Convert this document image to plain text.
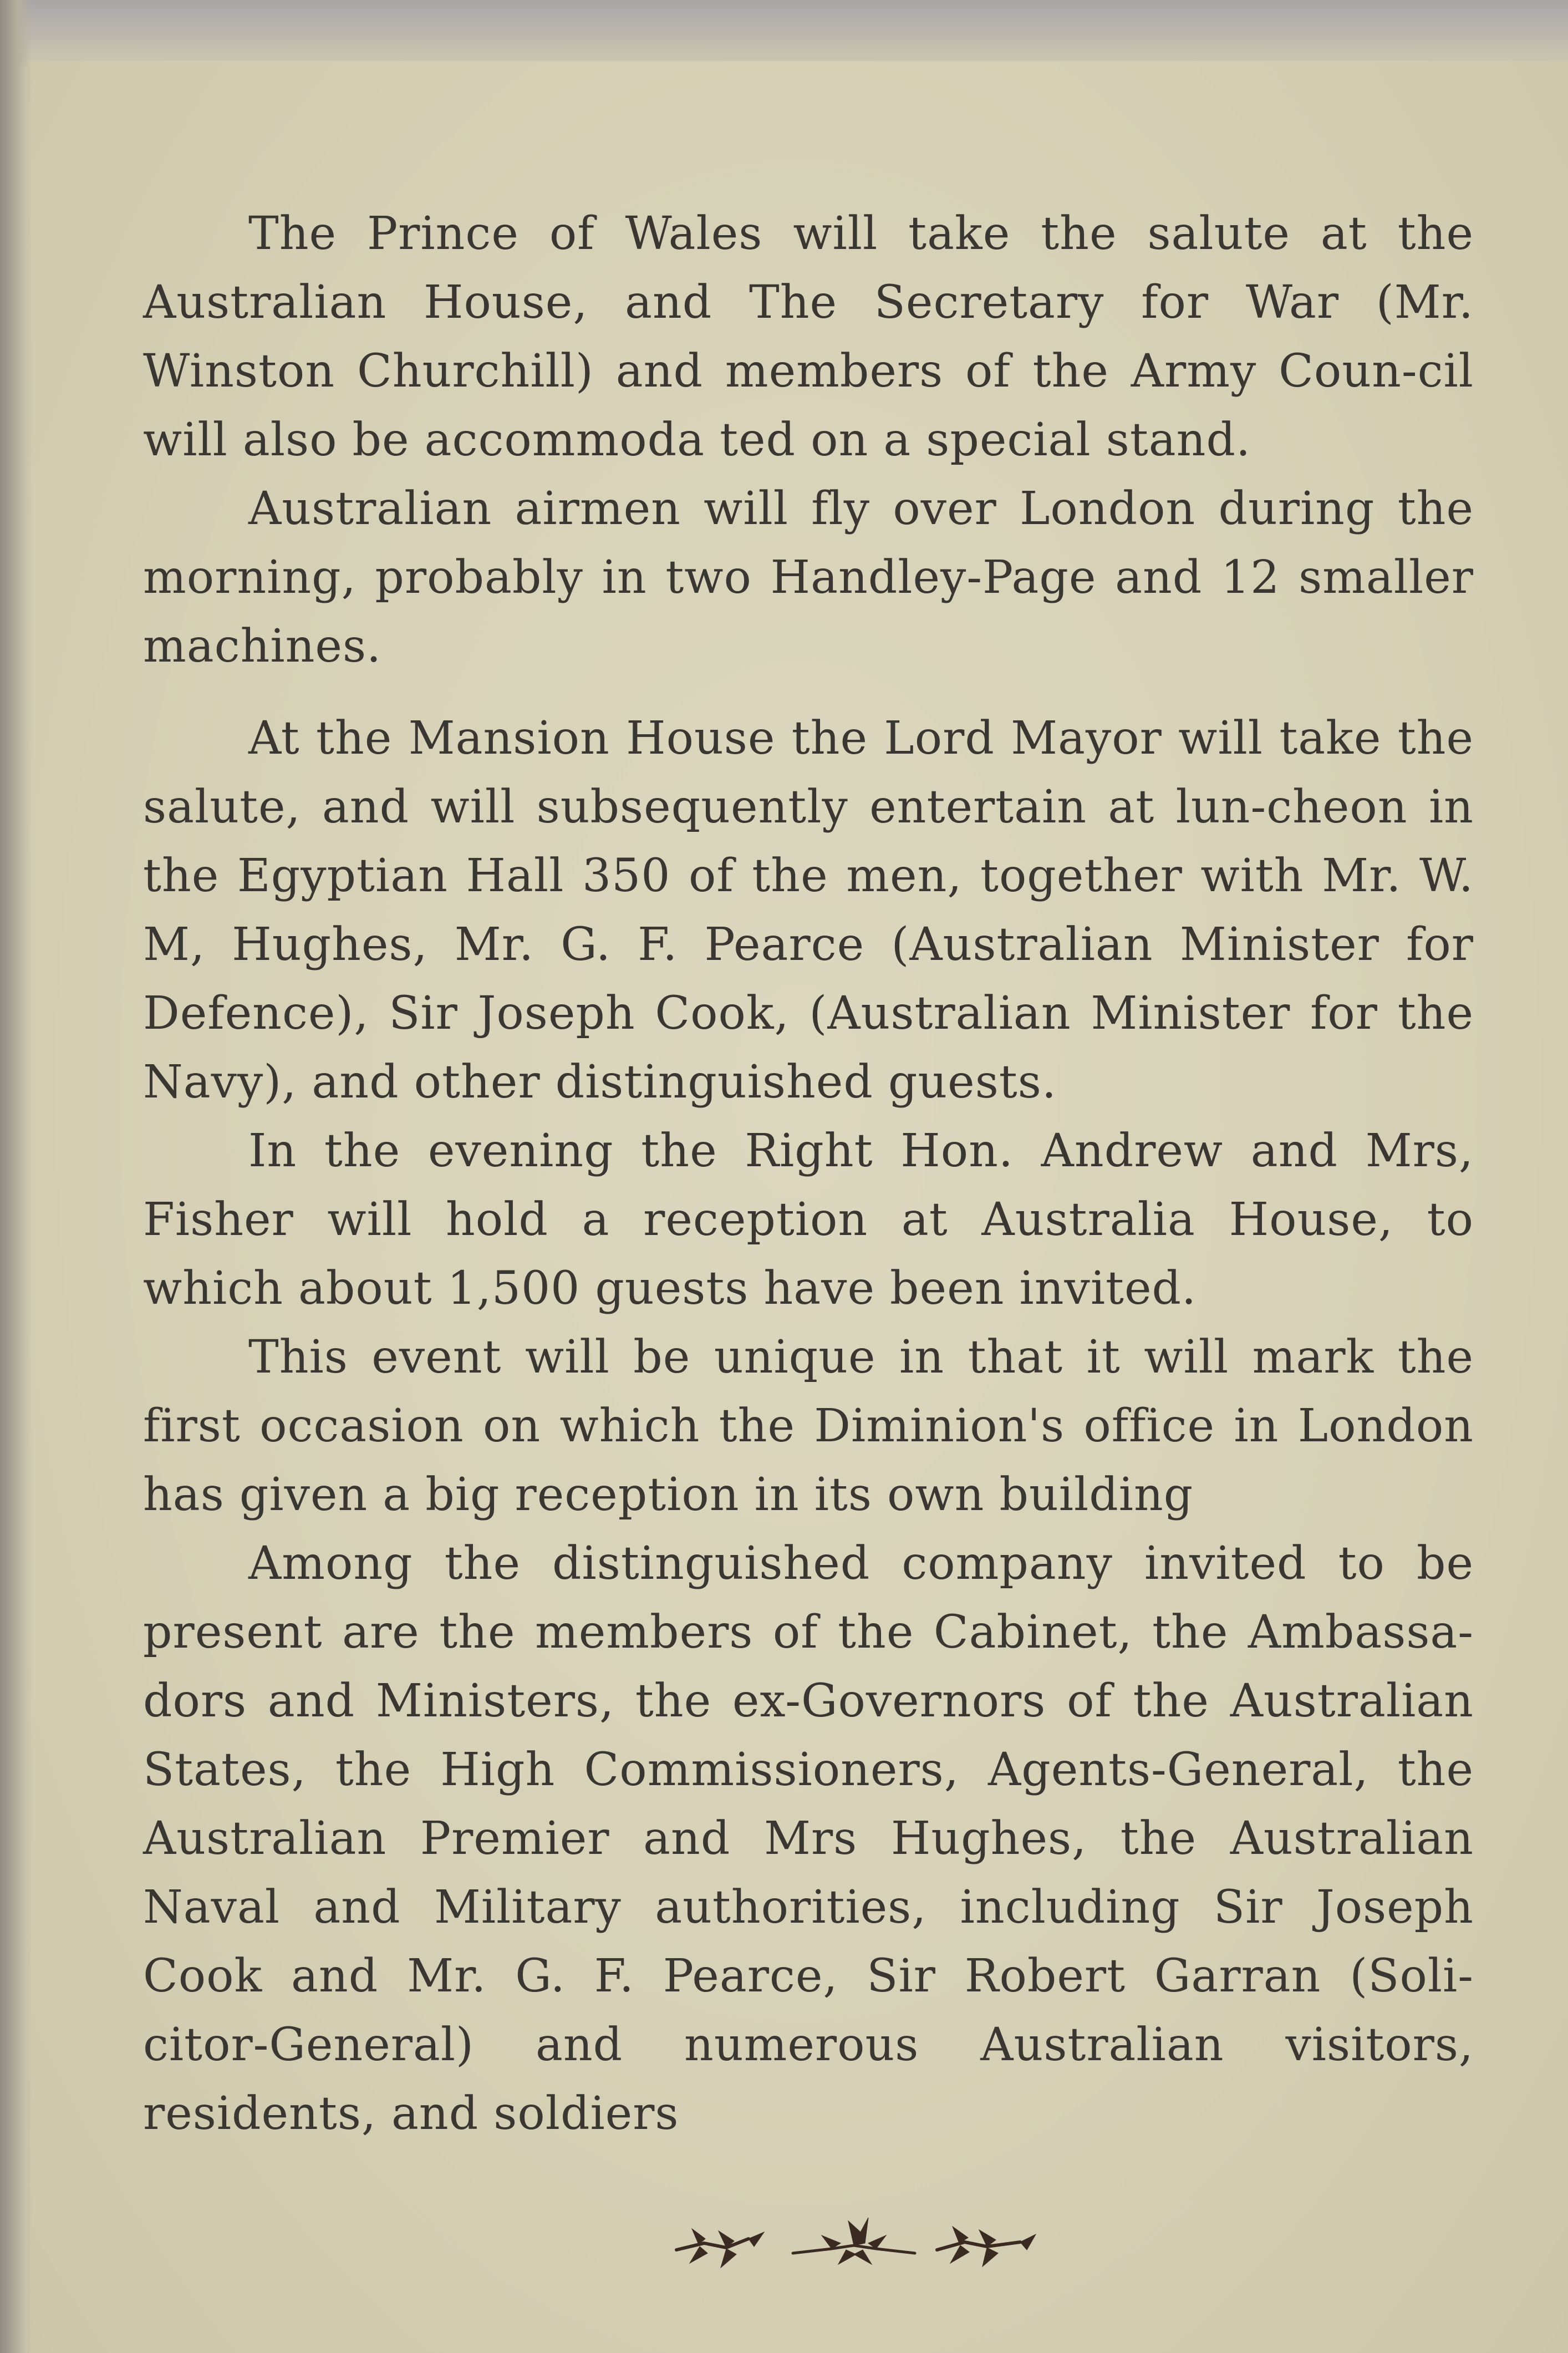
The Prince of Wales will take the salute at the Australian House, and The Secretary for War (Mr. Winston Churchill) and members of the Army Coun-cil will also be accommoda ted on a special stand.

Australian airmen will fly over London during the morning, probably in two Handley-Page and 12 smaller machines.

At the Mansion House the Lord Mayor will take the salute, and will subsequently entertain at lun-cheon in the Egyptian Hall 350 of the men, together with Mr. W. M, Hughes, Mr. G. F. Pearce (Australian Minister for Defence), Sir Joseph Cook, (Australian Minister for the Navy), and other distinguished guests.

In the evening the Right Hon. Andrew and Mrs, Fisher will hold a reception at Australia House, to which about 1,500 guests have been invited.

This event will be unique in that it will mark the first occasion on which the Diminion's office in London has given a big reception in its own building

Among the distinguished company invited to be present are the members of the Cabinet, the Ambassa-dors and Ministers, the ex-Governors of the Australian States, the High Commissioners, Agents-General, the Australian Premier and Mrs Hughes, the Australian Naval and Military authorities, including Sir Joseph Cook and Mr. G. F. Pearce, Sir Robert Garran (Soli-citor-General) and numerous Australian visitors, residents, and soldiers
